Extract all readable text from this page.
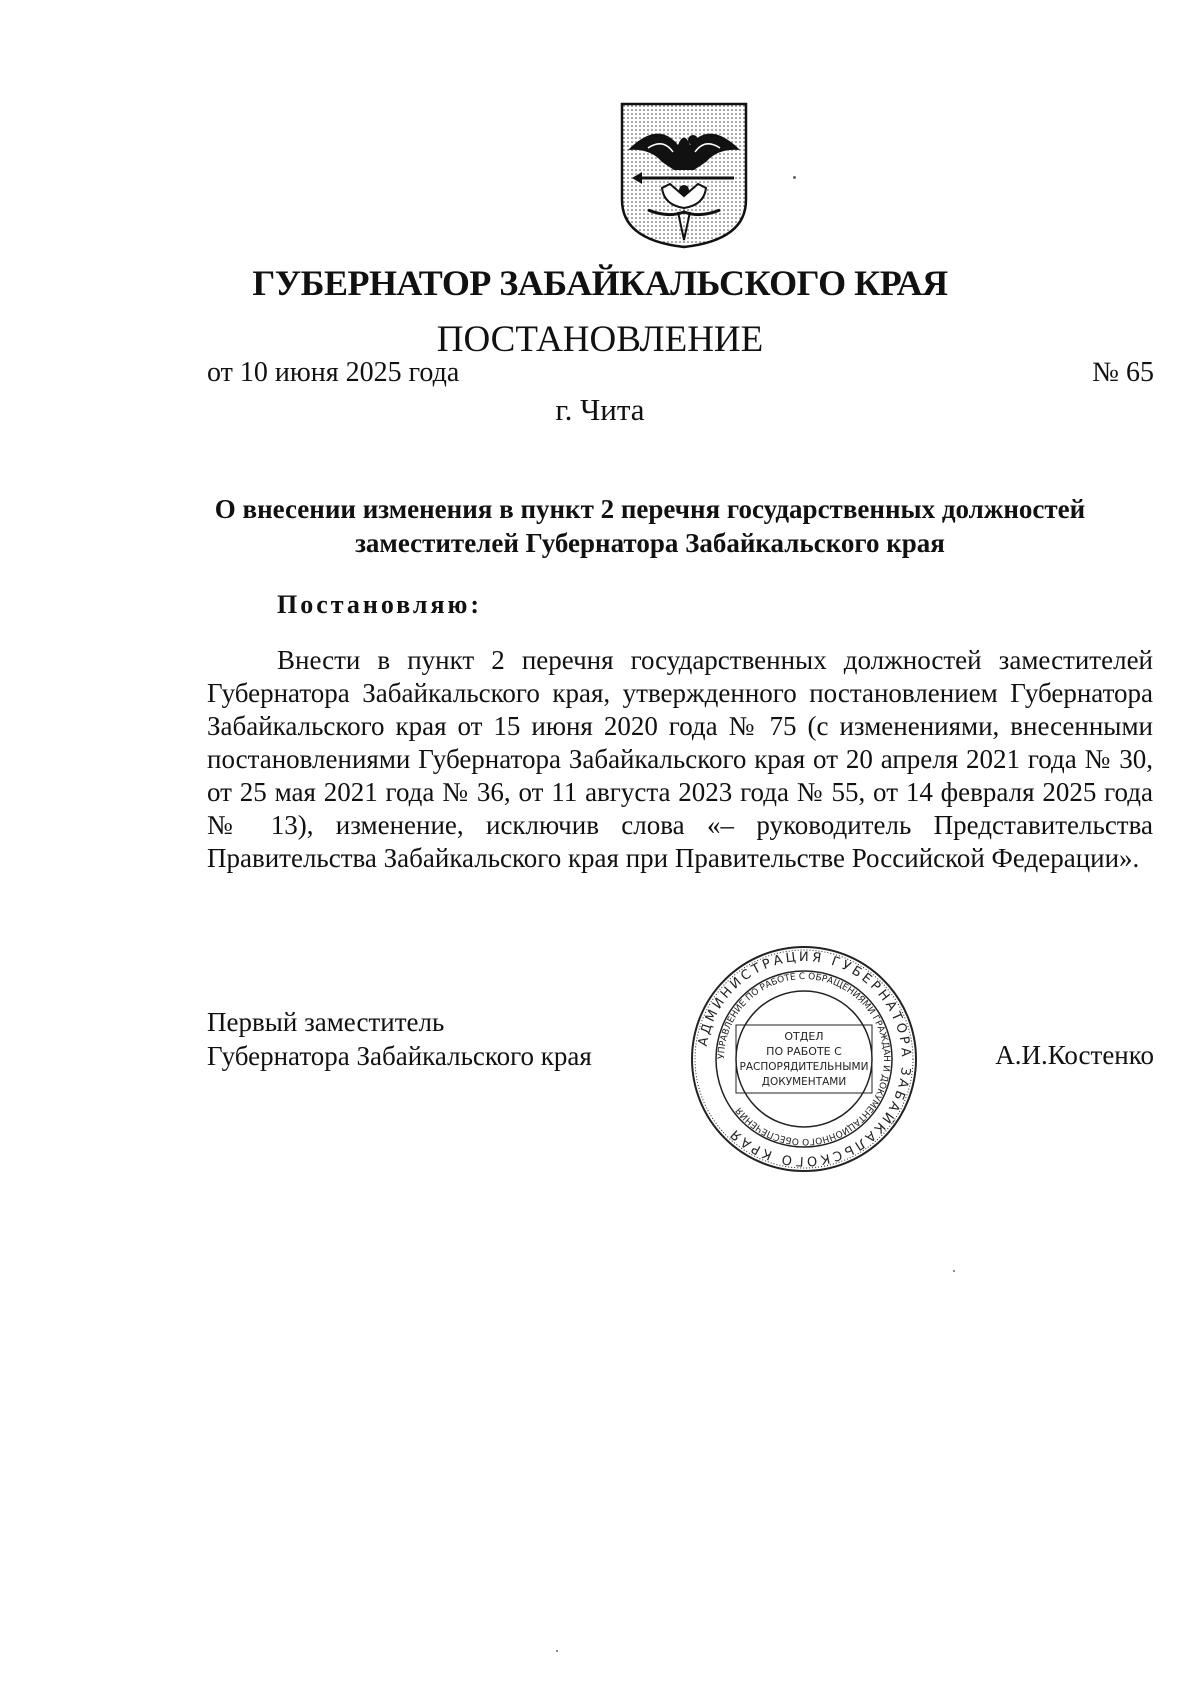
ГУБЕРНАТОР ЗАБАЙКАЛЬСКОГО КРАЯ
ПОСТАНОВЛЕНИЕ
от 10 июня 2025 года	№ 65
г. Чита
О внесении изменения в пункт 2 перечня государственных должностей
заместителей Губернатора Забайкальского края
Постановляю:
Внести в пункт 2 перечня государственных должностей заместителей Губернатора Забайкальского края, утвержденного постановлением Губернатора Забайкальского края от 15 июня 2020 года № 75 (с изменениями, внесенными постановлениями Губернатора Забайкальского края от 20 апреля 2021 года № 30, от 25 мая 2021 года № 36, от 11 августа 2023 года № 55, от 14 февраля 2025 года № 13), изменение, исключив слова «– руководитель Представительства Правительства Забайкальского края при Правительстве Российской Федерации».
Первый заместитель
Губернатора Забайкальского края	А.И.Костенко
АДМИНИСТРАЦИЯ ГУБЕРНАТОРА ЗАБАЙКАЛЬСКОГО КРАЯ
УПРАВЛЕНИЕ ПО РАБОТЕ С ОБРАЩЕНИЯМИ ГРАЖДАН И ДОКУМЕНТАЦИОННОГО ОБЕСПЕЧЕНИЯ
ОТДЕЛ
ПО РАБОТЕ С
РАСПОРЯДИТЕЛЬНЫМИ
ДОКУМЕНТАМИ
